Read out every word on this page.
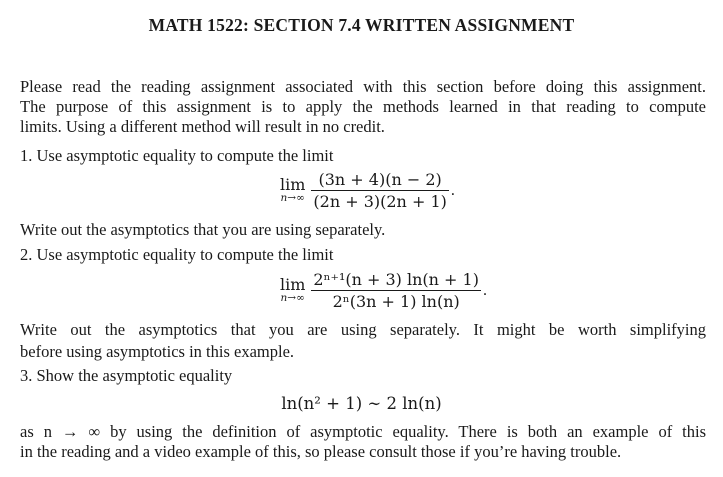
MATH 1522: SECTION 7.4 WRITTEN ASSIGNMENT
Please read the reading assignment associated with this section before doing this assignment.
The purpose of this assignment is to apply the methods learned in that reading to compute
limits. Using a different method will result in no credit.
1. Use asymptotic equality to compute the limit
lim
$n\to\infty \frac{(3n + 4)(n - 2)}{(2n + 3)(2n + 1)}$ .
Write out the asymptotics that you are using separately.
2. Use asymptotic equality to compute the limit
lim
$n\to\infty \frac{\text{2ⁿ⁺¹(n + 3) ln(n + 1)}}{\text{2ⁿ(3n + 1) ln(n)}}$ .
Write out the asymptotics that you are using separately. It might be worth simplifying
before using asymptotics in this example.
3. Show the asymptotic equality
ln(n² + 1) ∼ 2 ln(n)
as n → ∞ by using the definition of asymptotic equality. There is both an example of this
in the reading and a video example of this, so please consult those if you’re having trouble.
